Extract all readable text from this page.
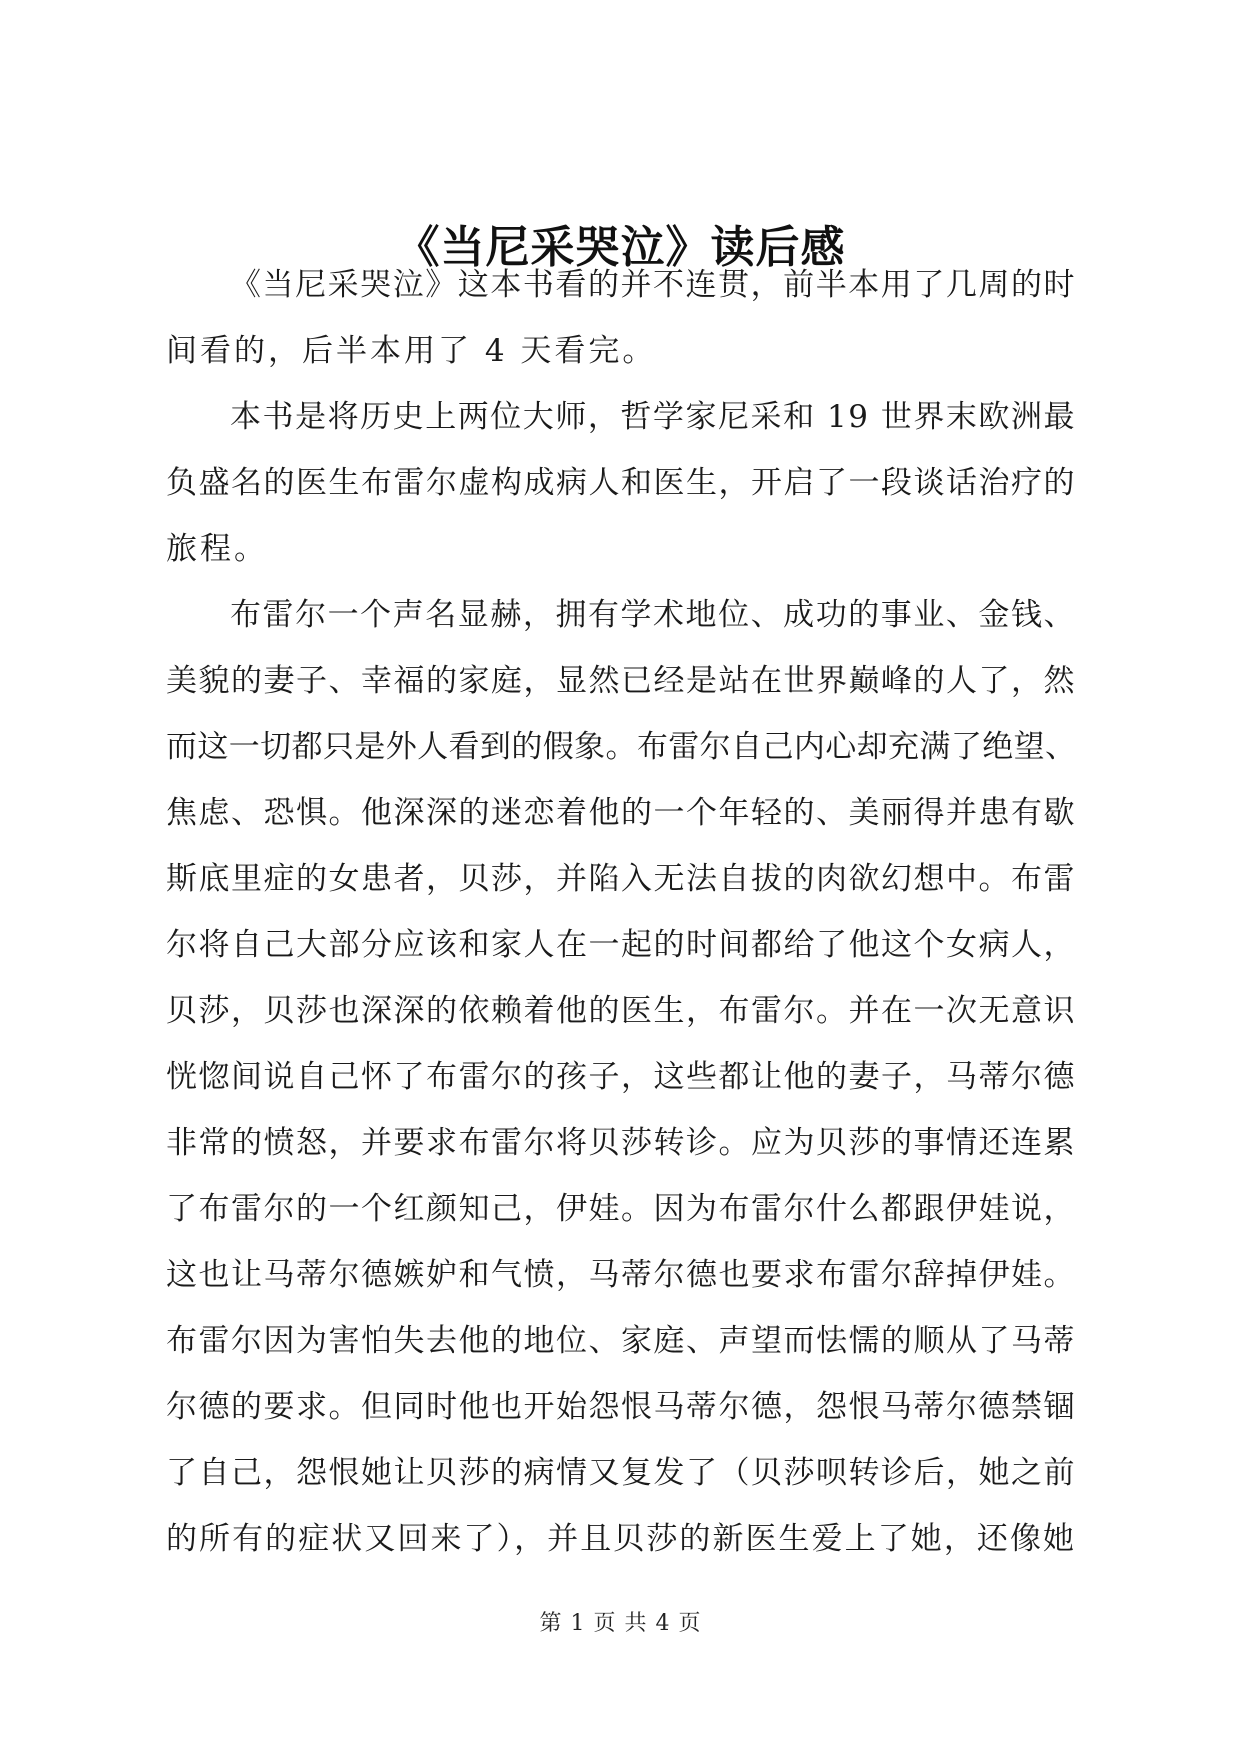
《当尼采哭泣》读后感
《当尼采哭泣》这本书看的并不连贯，前半本用了几周的时
间看的，后半本用了 4 天看完。
本书是将历史上两位大师，哲学家尼采和 19 世界末欧洲最
负盛名的医生布雷尔虚构成病人和医生，开启了一段谈话治疗的
旅程。
布雷尔一个声名显赫，拥有学术地位、成功的事业、金钱、
美貌的妻子、幸福的家庭，显然已经是站在世界巅峰的人了，然
而这一切都只是外人看到的假象。布雷尔自己内心却充满了绝望、
焦虑、恐惧。他深深的迷恋着他的一个年轻的、美丽得并患有歇
斯底里症的女患者，贝莎，并陷入无法自拔的肉欲幻想中。布雷
尔将自己大部分应该和家人在一起的时间都给了他这个女病人，
贝莎，贝莎也深深的依赖着他的医生，布雷尔。并在一次无意识
恍惚间说自己怀了布雷尔的孩子，这些都让他的妻子，马蒂尔德
非常的愤怒，并要求布雷尔将贝莎转诊。应为贝莎的事情还连累
了布雷尔的一个红颜知己，伊娃。因为布雷尔什么都跟伊娃说，
这也让马蒂尔德嫉妒和气愤，马蒂尔德也要求布雷尔辞掉伊娃。
布雷尔因为害怕失去他的地位、家庭、声望而怯懦的顺从了马蒂
尔德的要求。但同时他也开始怨恨马蒂尔德，怨恨马蒂尔德禁锢
了自己，怨恨她让贝莎的病情又复发了（贝莎呗转诊后，她之前
的所有的症状又回来了），并且贝莎的新医生爱上了她，还像她
第 1 页 共 4 页
